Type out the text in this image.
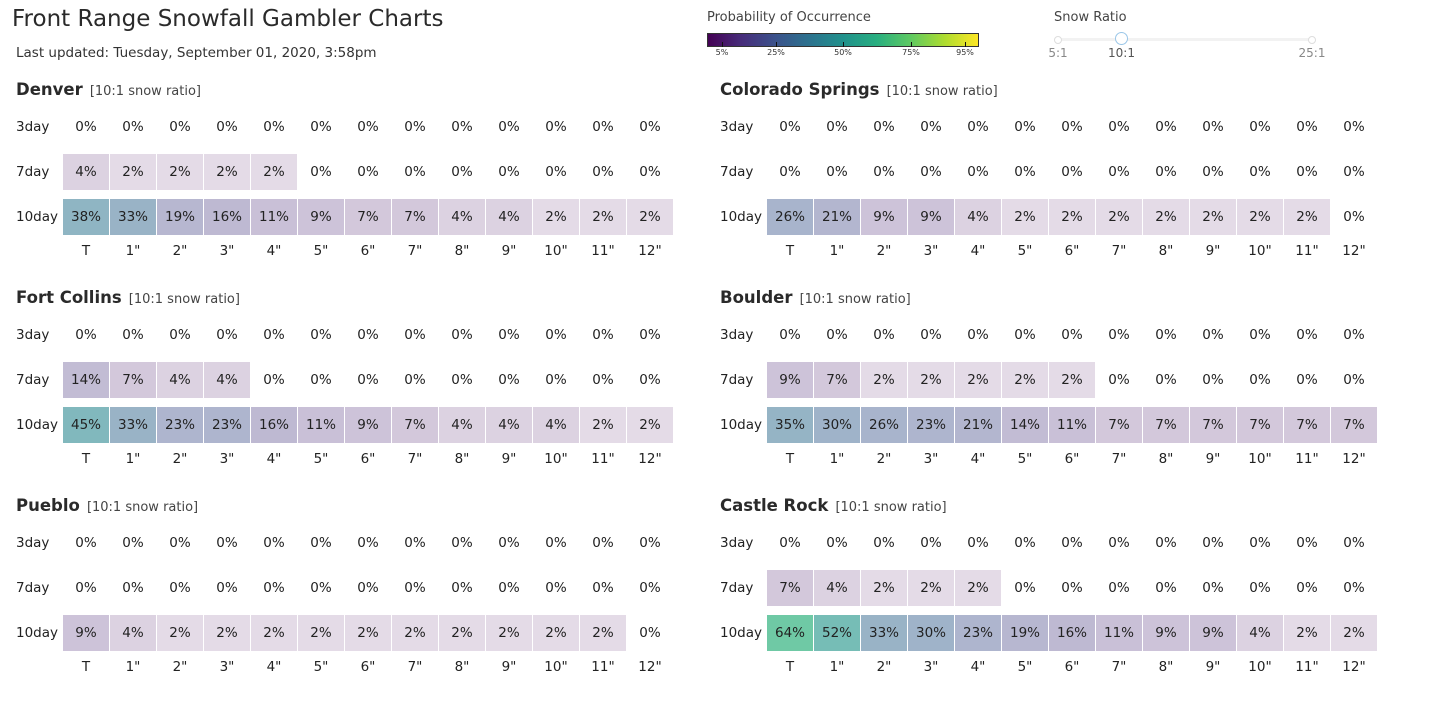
Front Range Snowfall Gambler Charts
Last updated: Tuesday, September 01, 2020, 3:58pm
Probability of Occurrence
5%	25%	50%	75%	95%
Snow Ratio
5:1	10:1	25:1
Denver [10:1 snow ratio]
3day	0%	0%	0%	0%	0%	0%	0%	0%	0%	0%	0%	0%	0%
7day	4%	2%	2%	2%	2%	0%	0%	0%	0%	0%	0%	0%	0%
10day 38%	33%	19%	16%	11%	9%	7%	7%	4%	4%	2%	2%	2%
T	1"	2"	3"	4"	5"	6"	7"	8"	9"	10"	11"	12"
Colorado Springs [10:1 snow ratio]
3day	0%	0%	0%	0%	0%	0%	0%	0%	0%	0%	0%	0%	0%
7day	0%	0%	0%	0%	0%	0%	0%	0%	0%	0%	0%	0%	0%
10day 26%	21%	9%	9%	4%	2%	2%	2%	2%	2%	2%	2%	0%
T	1"	2"	3"	4"	5"	6"	7"	8"	9"	10"	11"	12"
Fort Collins [10:1 snow ratio]
3day	0%	0%	0%	0%	0%	0%	0%	0%	0%	0%	0%	0%	0%
7day	14%	7%	4%	4%	0%	0%	0%	0%	0%	0%	0%	0%	0%
10day 45%	33%	23%	23%	16%	11%	9%	7%	4%	4%	4%	2%	2%
T	1"	2"	3"	4"	5"	6"	7"	8"	9"	10"	11"	12"
Boulder [10:1 snow ratio]
3day	0%	0%	0%	0%	0%	0%	0%	0%	0%	0%	0%	0%	0%
7day	9%	7%	2%	2%	2%	2%	2%	0%	0%	0%	0%	0%	0%
10day 35%	30%	26%	23%	21%	14%	11%	7%	7%	7%	7%	7%	7%
T	1"	2"	3"	4"	5"	6"	7"	8"	9"	10"	11"	12"
Pueblo [10:1 snow ratio]
3day	0%	0%	0%	0%	0%	0%	0%	0%	0%	0%	0%	0%	0%
7day	0%	0%	0%	0%	0%	0%	0%	0%	0%	0%	0%	0%	0%
10day	9%	4%	2%	2%	2%	2%	2%	2%	2%	2%	2%	2%	0%
T	1"	2"	3"	4"	5"	6"	7"	8"	9"	10"	11"	12"
Castle Rock [10:1 snow ratio]
3day	0%	0%	0%	0%	0%	0%	0%	0%	0%	0%	0%	0%	0%
7day	7%	4%	2%	2%	2%	0%	0%	0%	0%	0%	0%	0%	0%
10day 64%	52%	33%	30%	23%	19%	16%	11%	9%	9%	4%	2%	2%
T	1"	2"	3"	4"	5"	6"	7"	8"	9"	10"	11"	12"
